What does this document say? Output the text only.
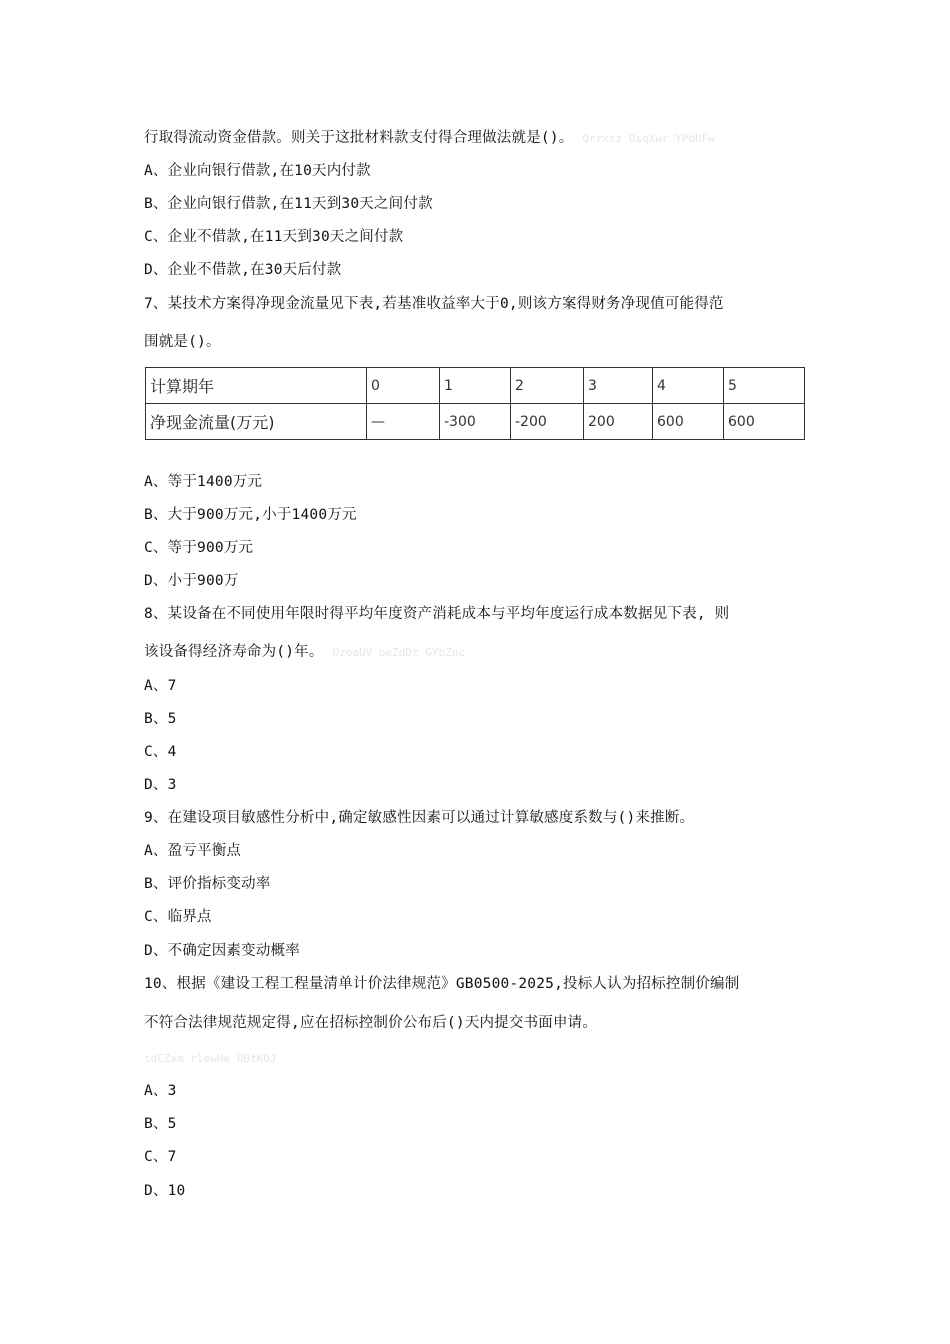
行取得流动资金借款。则关于这批材料款支付得合理做法就是()。 Qrrxsz OsqXwr YPbUFw
A、企业向银行借款,在10天内付款
B、企业向银行借款,在11天到30天之间付款
C、企业不借款,在11天到30天之间付款
D、企业不借款,在30天后付款
7、某技术方案得净现金流量见下表,若基准收益率大于0,则该方案得财务净现值可能得范
围就是()。
计算期年	0	1	2	3	4	5
净现金流量(万元)	—	-300	-200	200	600	600
A、等于1400万元
B、大于900万元,小于1400万元
C、等于900万元
D、小于900万
8、某设备在不同使用年限时得平均年度资产消耗成本与平均年度运行成本数据见下表, 则
该设备得经济寿命为()年。 UzoaUV oeZdDt GYbZuc
A、7
B、5
C、4
D、3
9、在建设项目敏感性分析中,确定敏感性因素可以通过计算敏感度系数与()来推断。
A、盈亏平衡点
B、评价指标变动率
C、临界点
D、不确定因素变动概率
10、根据《建设工程工程量清单计价法律规范》GB0500-2025,投标人认为招标控制价编制
不符合法律规范规定得,应在招标控制价公布后()天内提交书面申请。
tdCZxm rlewHe UBtKOJ
A、3
B、5
C、7
D、10
